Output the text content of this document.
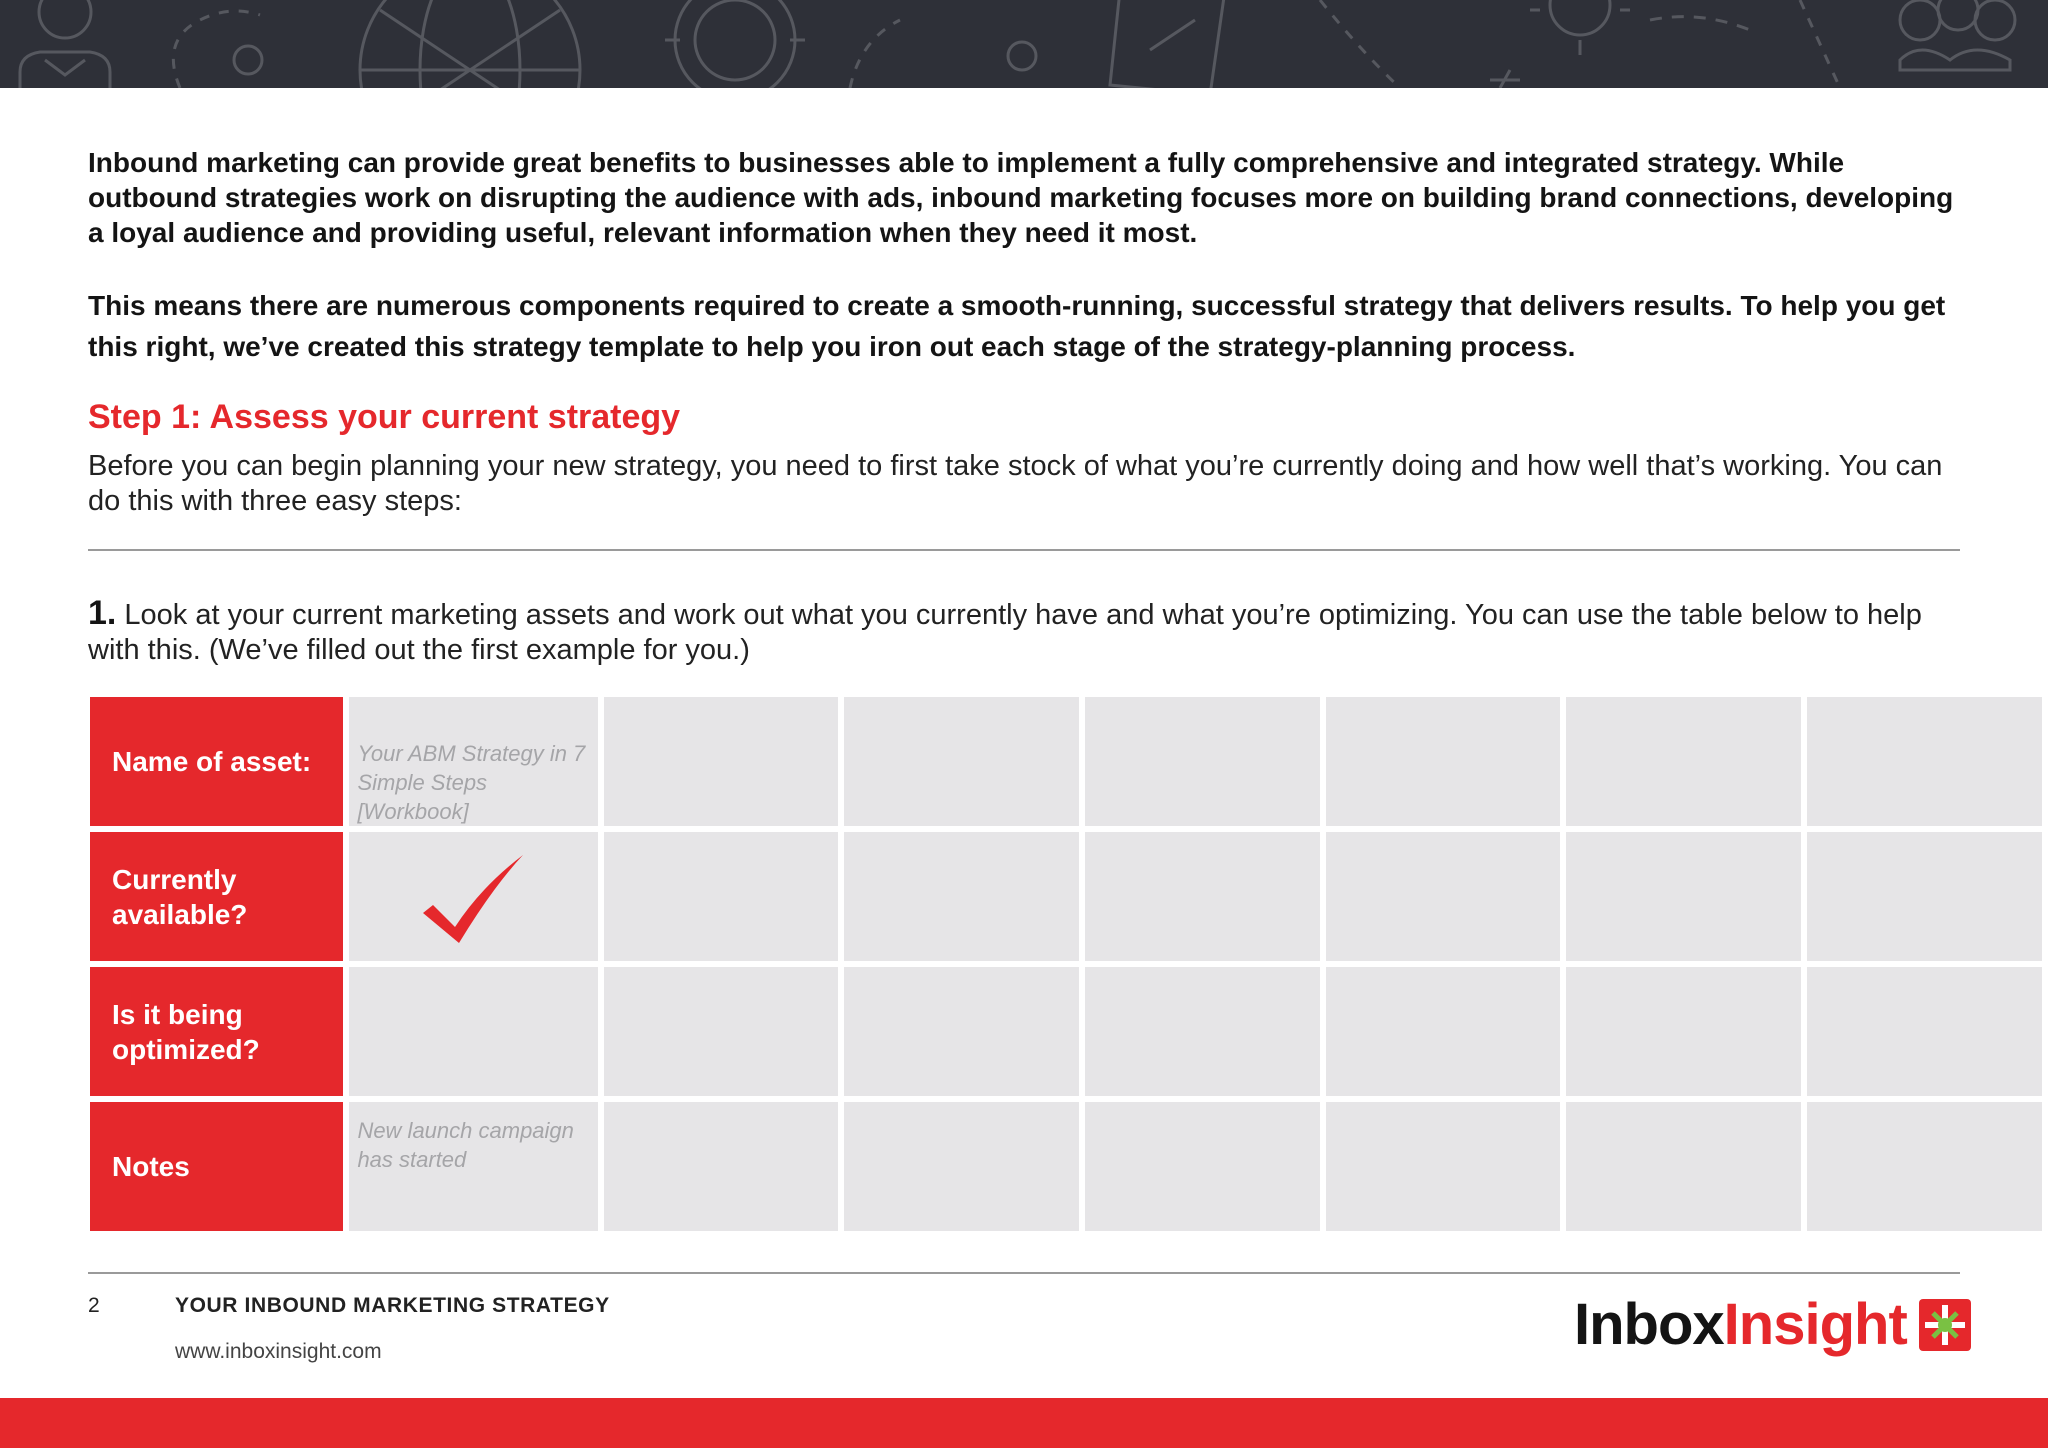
Inbound marketing can provide great benefits to businesses able to implement a fully comprehensive and integrated strategy. While outbound strategies work on disrupting the audience with ads, inbound marketing focuses more on building brand connections, developing a loyal audience and providing useful, relevant information when they need it most.

This means there are numerous components required to create a smooth-running, successful strategy that delivers results. To help you get this right, we’ve created this strategy template to help you iron out each stage of the strategy-planning process.

Step 1: Assess your current strategy

Before you can begin planning your new strategy, you need to first take stock of what you’re currently doing and how well that’s working. You can do this with three easy steps:

1. Look at your current marketing assets and work out what you currently have and what you’re optimizing. You can use the table below to help with this. (We’ve filled out the first example for you.)

Name of asset:	Your ABM Strategy in 7 Simple Steps [Workbook]						
Currently available?							
Is it being optimized?							
Notes	New launch campaign has started						
2	YOUR INBOUND MARKETING STRATEGY
www.inboxinsight.com	InboxInsight
